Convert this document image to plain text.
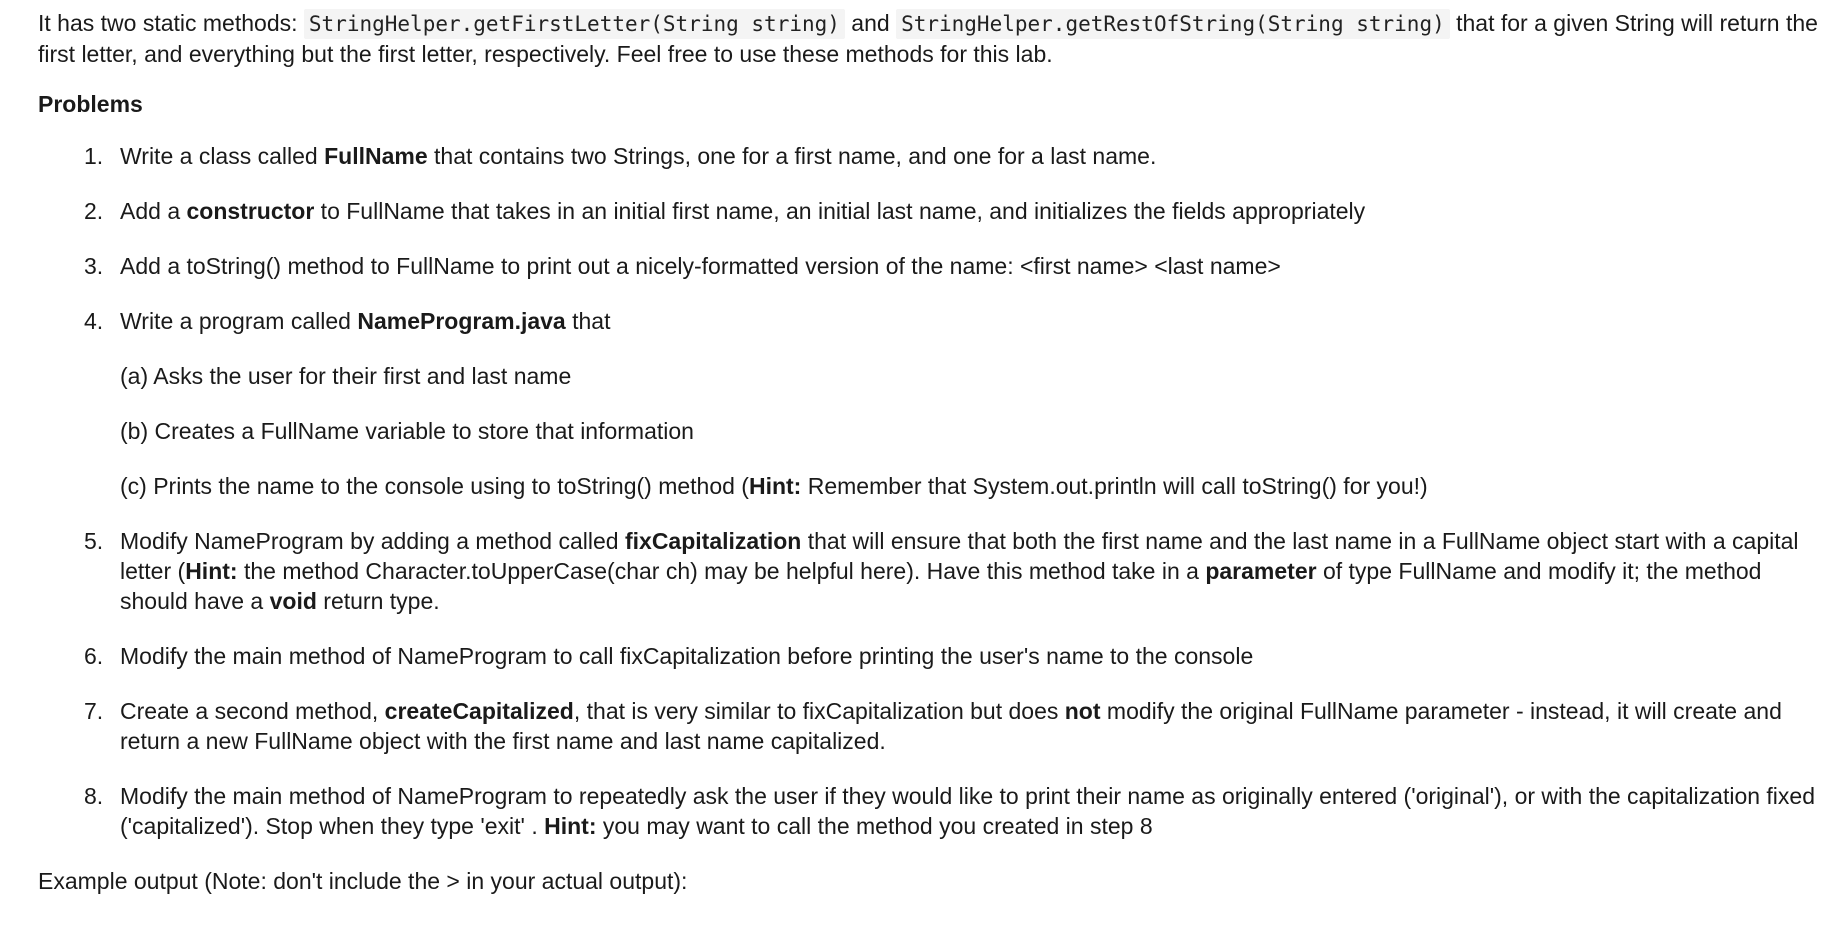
It has two static methods: StringHelper.getFirstLetter(String string) and StringHelper.getRestOfString(String string) that for a given String will return the first letter, and everything but the first letter, respectively. Feel free to use these methods for this lab.

Problems

1. Write a class called FullName that contains two Strings, one for a first name, and one for a last name.
2. Add a constructor to FullName that takes in an initial first name, an initial last name, and initializes the fields appropriately
3. Add a toString() method to FullName to print out a nicely-formatted version of the name: <first name> <last name>
4. Write a program called NameProgram.java that
(a) Asks the user for their first and last name
(b) Creates a FullName variable to store that information
(c) Prints the name to the console using to toString() method (Hint: Remember that System.out.println will call toString() for you!)
5. Modify NameProgram by adding a method called fixCapitalization that will ensure that both the first name and the last name in a FullName object start with a capital letter (Hint: the method Character.toUpperCase(char ch) may be helpful here). Have this method take in a parameter of type FullName and modify it; the method should have a void return type.
6. Modify the main method of NameProgram to call fixCapitalization before printing the user's name to the console
7. Create a second method, createCapitalized, that is very similar to fixCapitalization but does not modify the original FullName parameter - instead, it will create and return a new FullName object with the first name and last name capitalized.
8. Modify the main method of NameProgram to repeatedly ask the user if they would like to print their name as originally entered ('original'), or with the capitalization fixed ('capitalized'). Stop when they type 'exit' . Hint: you may want to call the method you created in step 8

Example output (Note: don't include the > in your actual output):
